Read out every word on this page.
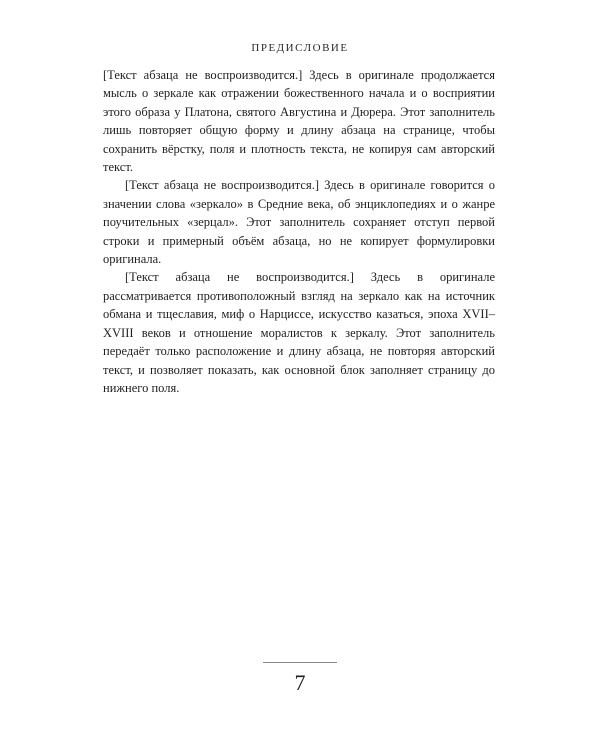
ПРЕДИСЛОВИЕ

[Текст абзаца не воспроизводится.] Здесь в оригинале продолжается мысль о зеркале как отражении божественного начала и о восприятии этого образа у Платона, святого Августина и Дюрера. Этот заполнитель лишь повторяет общую форму и длину абзаца на странице, чтобы сохранить вёрстку, поля и плотность текста, не копируя сам авторский текст.

[Текст абзаца не воспроизводится.] Здесь в оригинале говорится о значении слова «зеркало» в Средние века, об энциклопедиях и о жанре поучительных «зерцал». Этот заполнитель сохраняет отступ первой строки и примерный объём абзаца, но не копирует формулировки оригинала.

[Текст абзаца не воспроизводится.] Здесь в оригинале рассматривается противоположный взгляд на зеркало как на источник обмана и тщеславия, миф о Нарциссе, искусство казаться, эпоха XVII–XVIII веков и отношение моралистов к зеркалу. Этот заполнитель передаёт только расположение и длину абзаца, не повторяя авторский текст, и позволяет показать, как основной блок заполняет страницу до нижнего поля.

7
